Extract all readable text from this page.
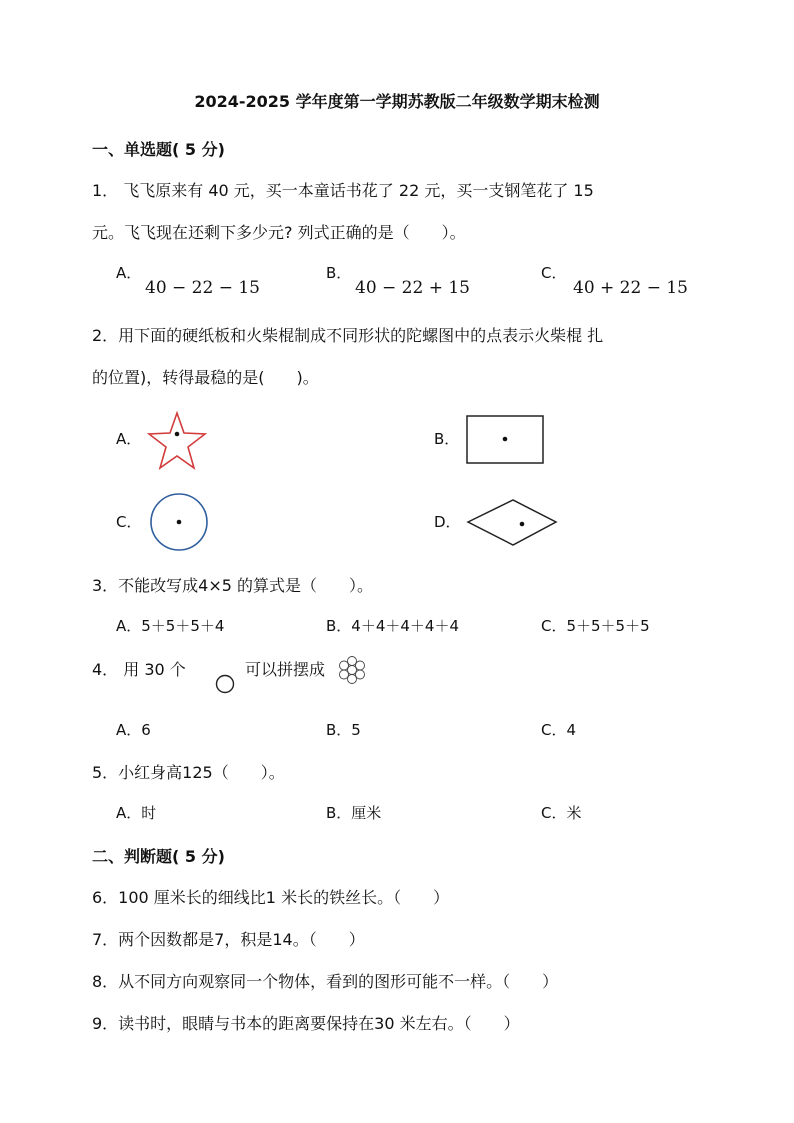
2024-2025 学年度第一学期苏教版二年级数学期末检测
一、单选题( 5 分)
1． 飞飞原来有 40 元，买一本童话书花了 22 元，买一支钢笔花了 15
元。飞飞现在还剩下多少元? 列式正确的是（　　）。
A．
40 − 22 − 15
B．
40 − 22 + 15
C．
40 + 22 − 15
2．用下面的硬纸板和火柴棍制成不同形状的陀螺图中的点表示火柴棍 扎
的位置)，转得最稳的是(　　)。
A．	B．
C．	D．
3．不能改写成4×5 的算式是（　　）。
A．5＋5＋5＋4	B．4＋4＋4＋4＋4	C．5＋5＋5＋5
4． 用 30 个	可以拼摆成
A．6	B．5	C．4
5．小红身高125（　　）。
A．时	B．厘米	C．米
二、判断题( 5 分)
6．100 厘米长的细线比1 米长的铁丝长。（　　）
7．两个因数都是7，积是14。（　　）
8．从不同方向观察同一个物体，看到的图形可能不一样。（　　）
9．读书时，眼睛与书本的距离要保持在30 米左右。（　　）
